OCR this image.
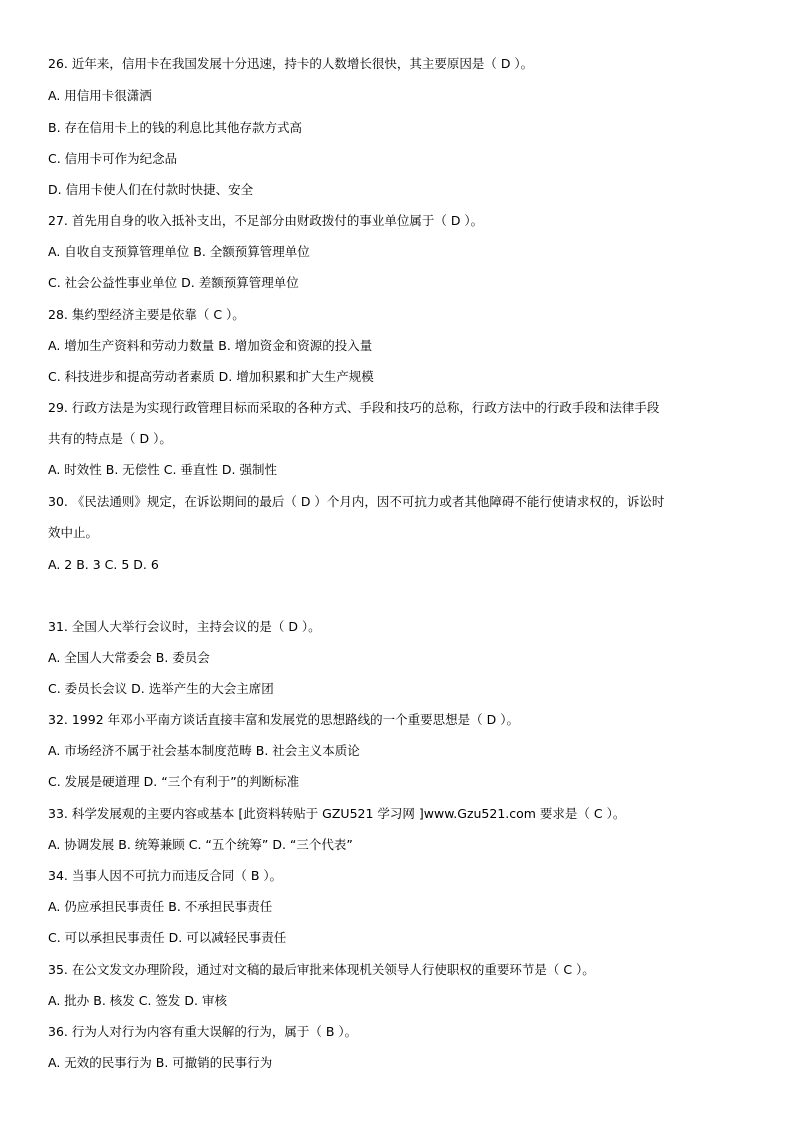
26. 近年来，信用卡在我国发展十分迅速，持卡的人数增长很快，其主要原因是（ D ）。
A. 用信用卡很潇洒
B. 存在信用卡上的钱的利息比其他存款方式高
C. 信用卡可作为纪念品
D. 信用卡使人们在付款时快捷、安全
27. 首先用自身的收入抵补支出，不足部分由财政拨付的事业单位属于（ D ）。
A. 自收自支预算管理单位 B. 全额预算管理单位
C. 社会公益性事业单位 D. 差额预算管理单位
28. 集约型经济主要是依靠（ C ）。
A. 增加生产资料和劳动力数量 B. 增加资金和资源的投入量
C. 科技进步和提高劳动者素质 D. 增加积累和扩大生产规模
29. 行政方法是为实现行政管理目标而采取的各种方式、手段和技巧的总称，行政方法中的行政手段和法律手段
共有的特点是（ D ）。
A. 时效性 B. 无偿性 C. 垂直性 D. 强制性
30. 《民法通则》规定，在诉讼期间的最后（ D ）个月内，因不可抗力或者其他障碍不能行使请求权的，诉讼时
效中止。
A. 2 B. 3 C. 5 D. 6
31. 全国人大举行会议时，主持会议的是（ D ）。
A. 全国人大常委会 B. 委员会
C. 委员长会议 D. 选举产生的大会主席团
32. 1992 年邓小平南方谈话直接丰富和发展党的思想路线的一个重要思想是（ D ）。
A. 市场经济不属于社会基本制度范畴 B. 社会主义本质论
C. 发展是硬道理 D. “三个有利于”的判断标准
33. 科学发展观的主要内容或基本 [此资料转贴于 GZU521 学习网 ]www.Gzu521.com 要求是（ C ）。
A. 协调发展 B. 统筹兼顾 C. “五个统筹” D. “三个代表”
34. 当事人因不可抗力而违反合同（ B ）。
A. 仍应承担民事责任 B. 不承担民事责任
C. 可以承担民事责任 D. 可以减轻民事责任
35. 在公文发文办理阶段，通过对文稿的最后审批来体现机关领导人行使职权的重要环节是（ C ）。
A. 批办 B. 核发 C. 签发 D. 审核
36. 行为人对行为内容有重大误解的行为，属于（ B ）。
A. 无效的民事行为 B. 可撤销的民事行为
